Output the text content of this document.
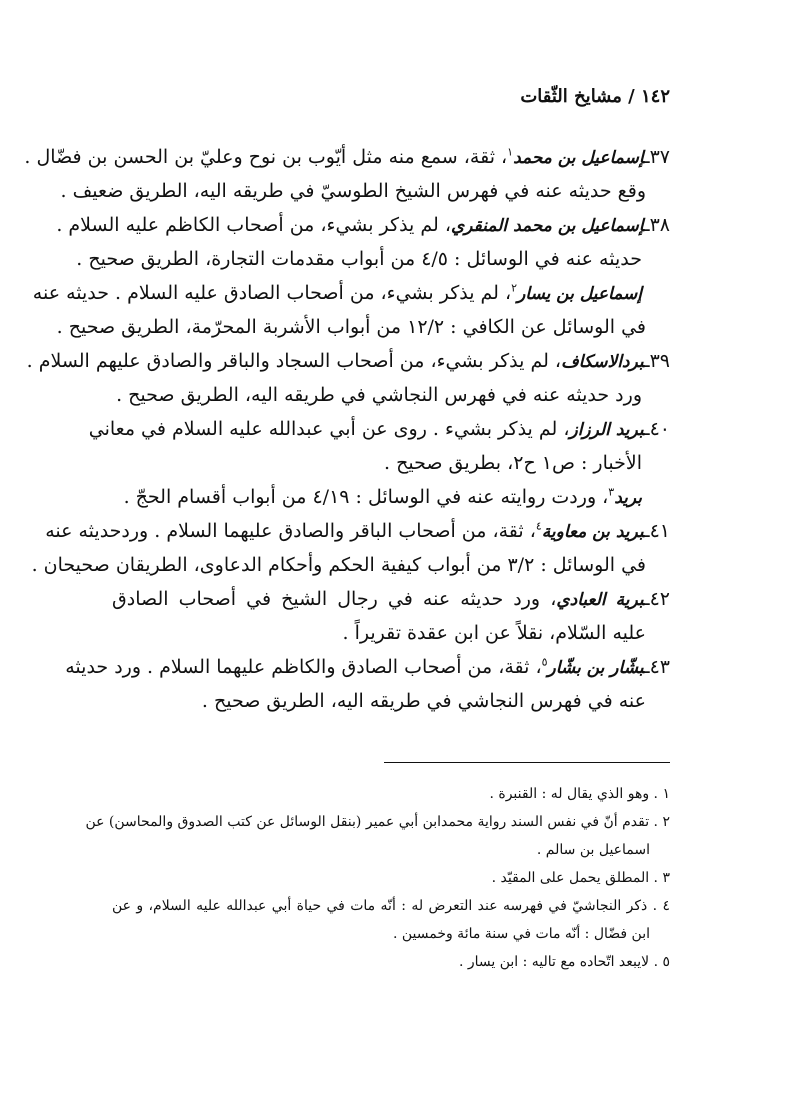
١٤٢ / مشايخ الثّقات
٣٧ـإسماعيل بن محمد$^١$، ثقة، سمع منه مثل أيّوب بن نوح وعليّ بن الحسن بن فضّال .
وقع حديثه عنه في فهرس الشيخ الطوسيّ في طريقه اليه، الطريق ضعيف .
٣٨ـإسماعيل بن محمد المنقري، لم يذكر بشيء، من أصحاب الكاظم عليه السلام .
حديثه عنه في الوسائل : ٤/٥ من أبواب مقدمات التجارة، الطريق صحيح .
إسماعيل بن يسار$^٢$، لم يذكر بشيء، من أصحاب الصادق عليه السلام . حديثه عنه
في الوسائل عن الكافي : ١٢/٢ من أبواب الأشربة المحرّمة، الطريق صحيح .
٣٩ـبردالاسكاف، لم يذكر بشيء، من أصحاب السجاد والباقر والصادق عليهم السلام .
ورد حديثه عنه في فهرس النجاشي في طريقه اليه، الطريق صحيح .
٤٠ـبريد الرزاز، لم يذكر بشيء . روى عن أبي عبدالله عليه السلام في معاني
الأخبار : ص١ ح٢، بطريق صحيح .
بريد$^٣$، وردت روايته عنه في الوسائل : ٤/١٩ من أبواب أقسام الحجّ .
٤١ـبريد بن معاوية$^٤$، ثقة، من أصحاب الباقر والصادق عليهما السلام . وردحديثه عنه
في الوسائل : ٣/٢ من أبواب كيفية الحكم وأحكام الدعاوى، الطريقان صحيحان .
٤٢ـبرية العبادي، ورد حديثه عنه في رجال الشيخ في أصحاب الصادق
عليه السّلام، نقلاً عن ابن عقدة تقريراً .
٤٣ـبشّار بن بشّار$^٥$، ثقة، من أصحاب الصادق والكاظم عليهما السلام . ورد حديثه
عنه في فهرس النجاشي في طريقه اليه، الطريق صحيح .
١ . وهو الذي يقال له : القنبرة .
٢ . تقدم أنّ في نفس السند رواية محمدابن أبي عمير (بنقل الوسائل عن كتب الصدوق والمحاسن) عن
اسماعيل بن سالم .
٣ . المطلق يحمل على المقيّد .
٤ . ذكر النجاشيّ في فهرسه عند التعرض له : أنّه مات في حياة أبي عبدالله عليه السلام، و عن
ابن فضّال : أنّه مات في سنة مائة وخمسين .
٥ . لايبعد اتّحاده مع تاليه : ابن يسار .
